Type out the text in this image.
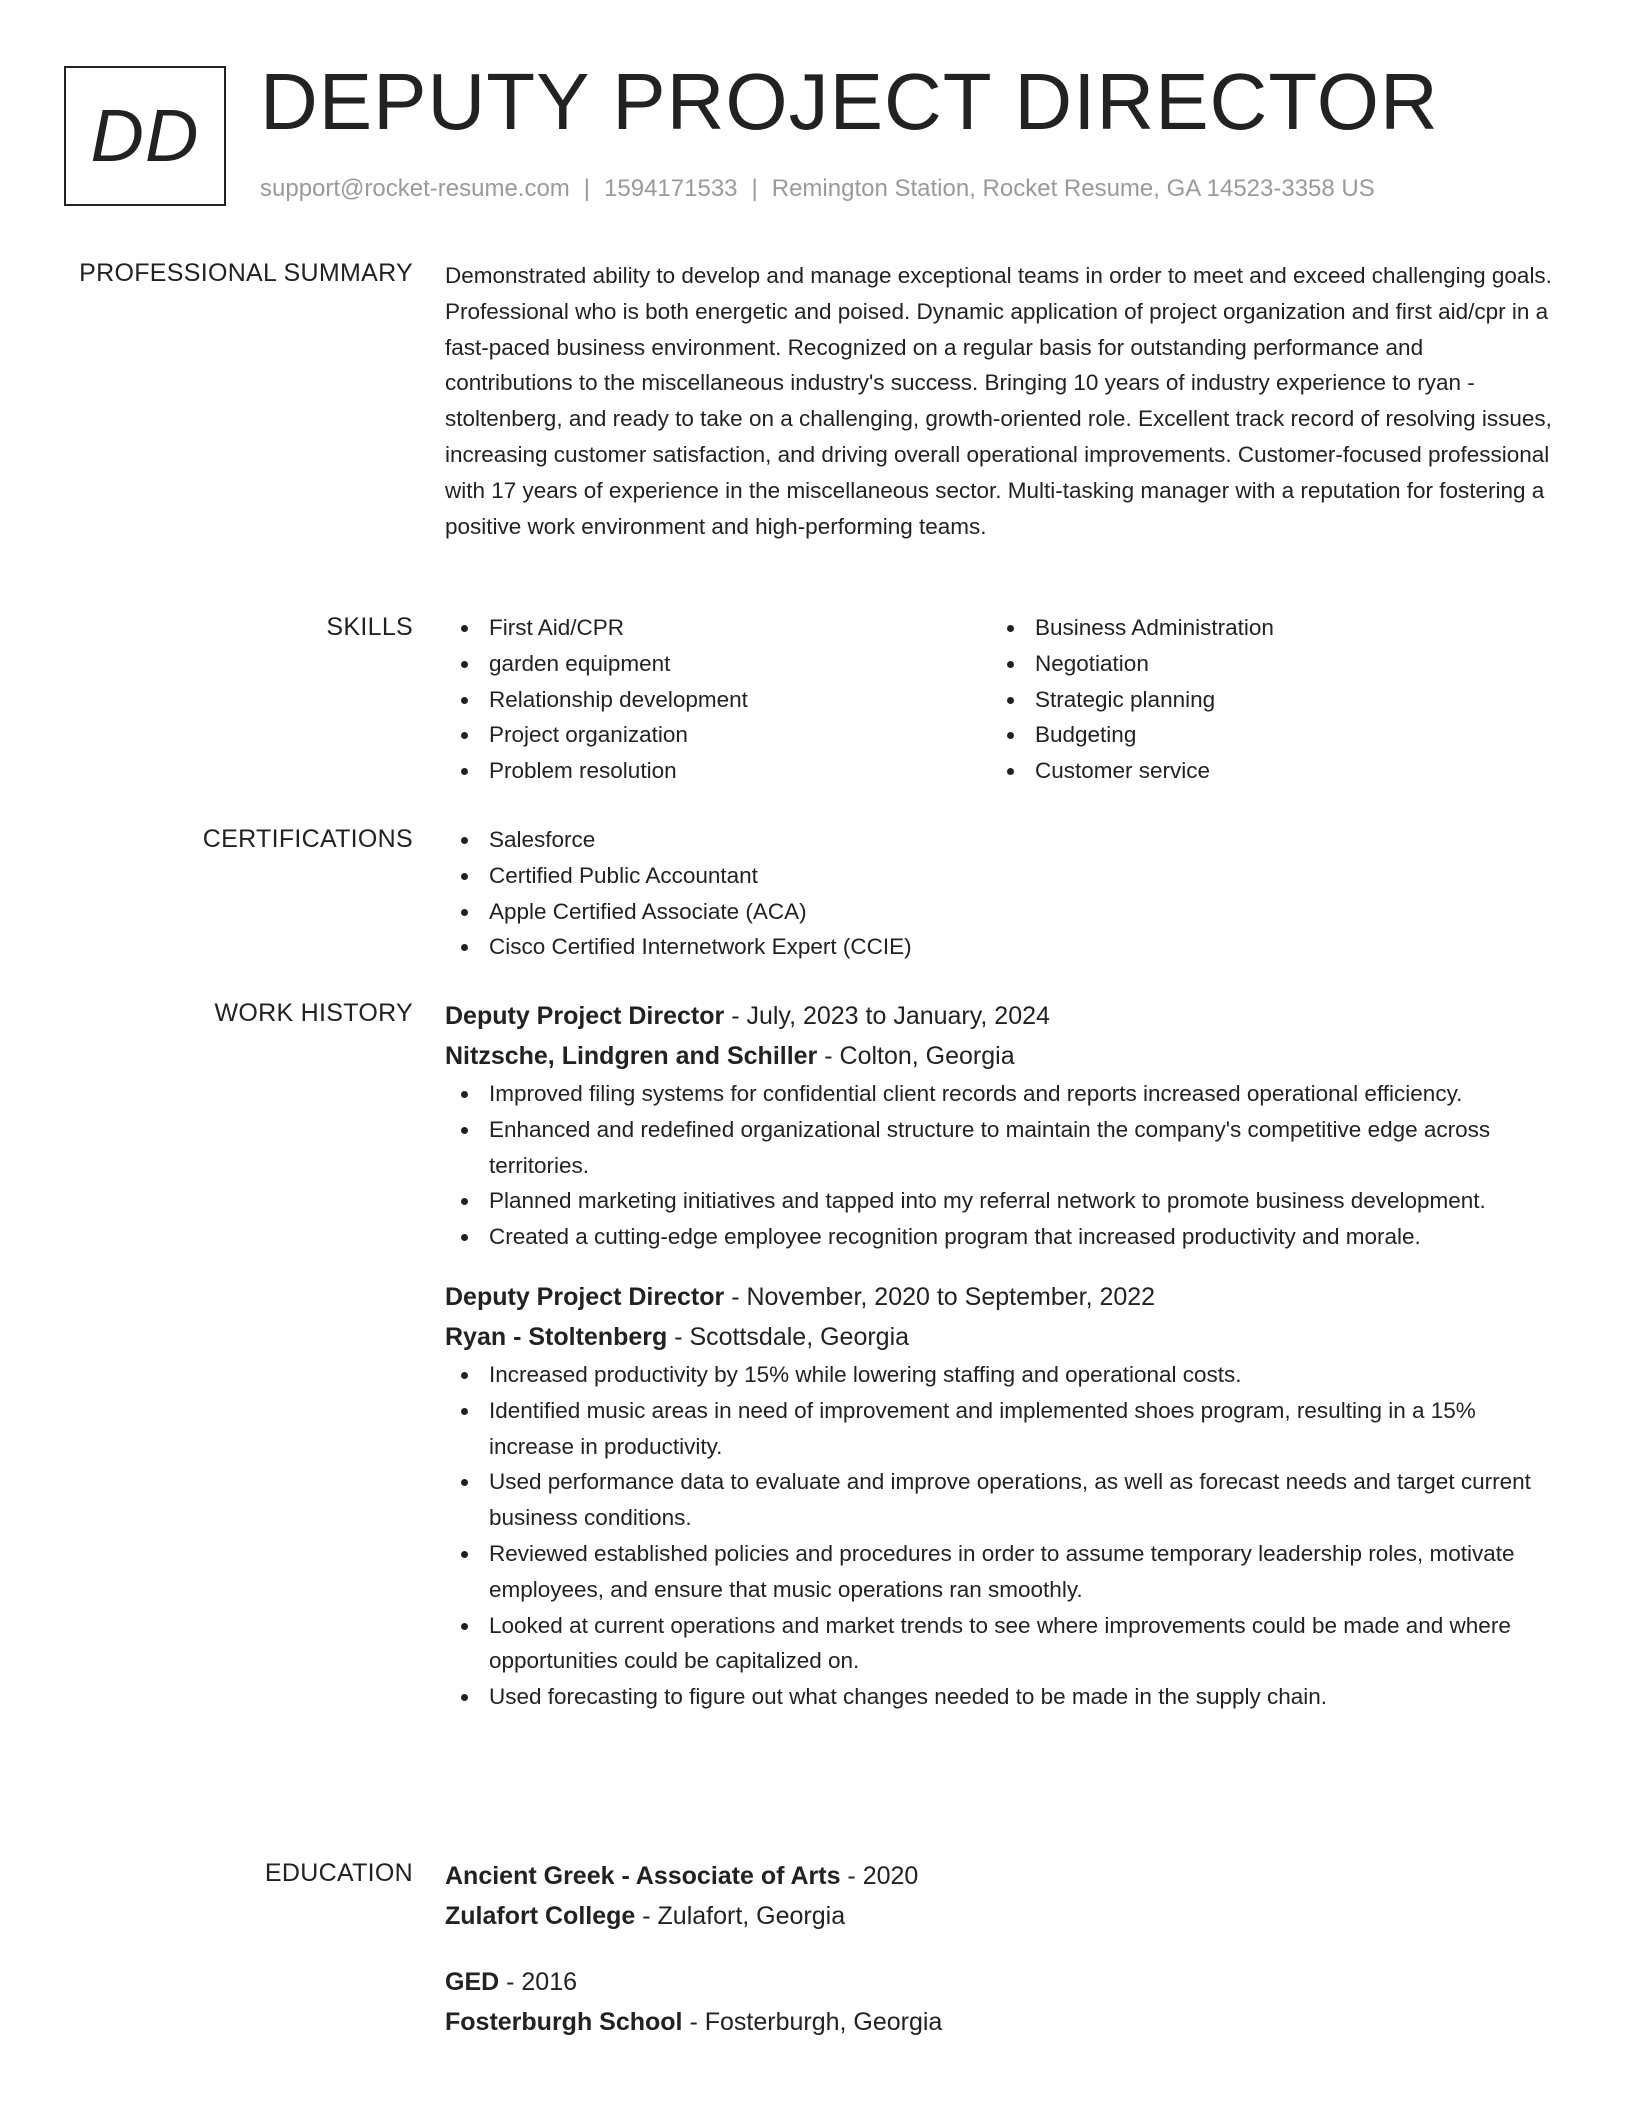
DD DEPUTY PROJECT DIRECTOR
support@rocket-resume.com | 1594171533 | Remington Station, Rocket Resume, GA 14523-3358 US
PROFESSIONAL SUMMARY Demonstrated ability to develop and manage exceptional teams in order to meet and exceed challenging goals. Professional who is both energetic and poised. Dynamic application of project organization and first aid/cpr in a fast-paced business environment. Recognized on a regular basis for outstanding performance and contributions to the miscellaneous industry's success. Bringing 10 years of industry experience to ryan - stoltenberg, and ready to take on a challenging, growth-oriented role. Excellent track record of resolving issues, increasing customer satisfaction, and driving overall operational improvements. Customer-focused professional with 17 years of experience in the miscellaneous sector. Multi-tasking manager with a reputation for fostering a positive work environment and high-performing teams.

SKILLS	First Aid/CPR
garden equipment
Relationship development
Project organization
Problem resolution
Business Administration
Negotiation
Strategic planning
Budgeting
Customer service
CERTIFICATIONS	Salesforce
Certified Public Accountant
Apple Certified Associate (ACA)
Cisco Certified Internetwork Expert (CCIE)
WORK HISTORY Deputy Project Director - July, 2023 to January, 2024
Nitzsche, Lindgren and Schiller - Colton, Georgia
Improved filing systems for confidential client records and reports increased operational efficiency.
Enhanced and redefined organizational structure to maintain the company's competitive edge across territories.
Planned marketing initiatives and tapped into my referral network to promote business development.
Created a cutting-edge employee recognition program that increased productivity and morale.
Deputy Project Director - November, 2020 to September, 2022
Ryan - Stoltenberg - Scottsdale, Georgia
Increased productivity by 15% while lowering staffing and operational costs.
Identified music areas in need of improvement and implemented shoes program, resulting in a 15% increase in productivity.
Used performance data to evaluate and improve operations, as well as forecast needs and target current business conditions.
Reviewed established policies and procedures in order to assume temporary leadership roles, motivate employees, and ensure that music operations ran smoothly.
Looked at current operations and market trends to see where improvements could be made and where opportunities could be capitalized on.
Used forecasting to figure out what changes needed to be made in the supply chain.
EDUCATION Ancient Greek - Associate of Arts - 2020
Zulafort College - Zulafort, Georgia
GED - 2016
Fosterburgh School - Fosterburgh, Georgia
